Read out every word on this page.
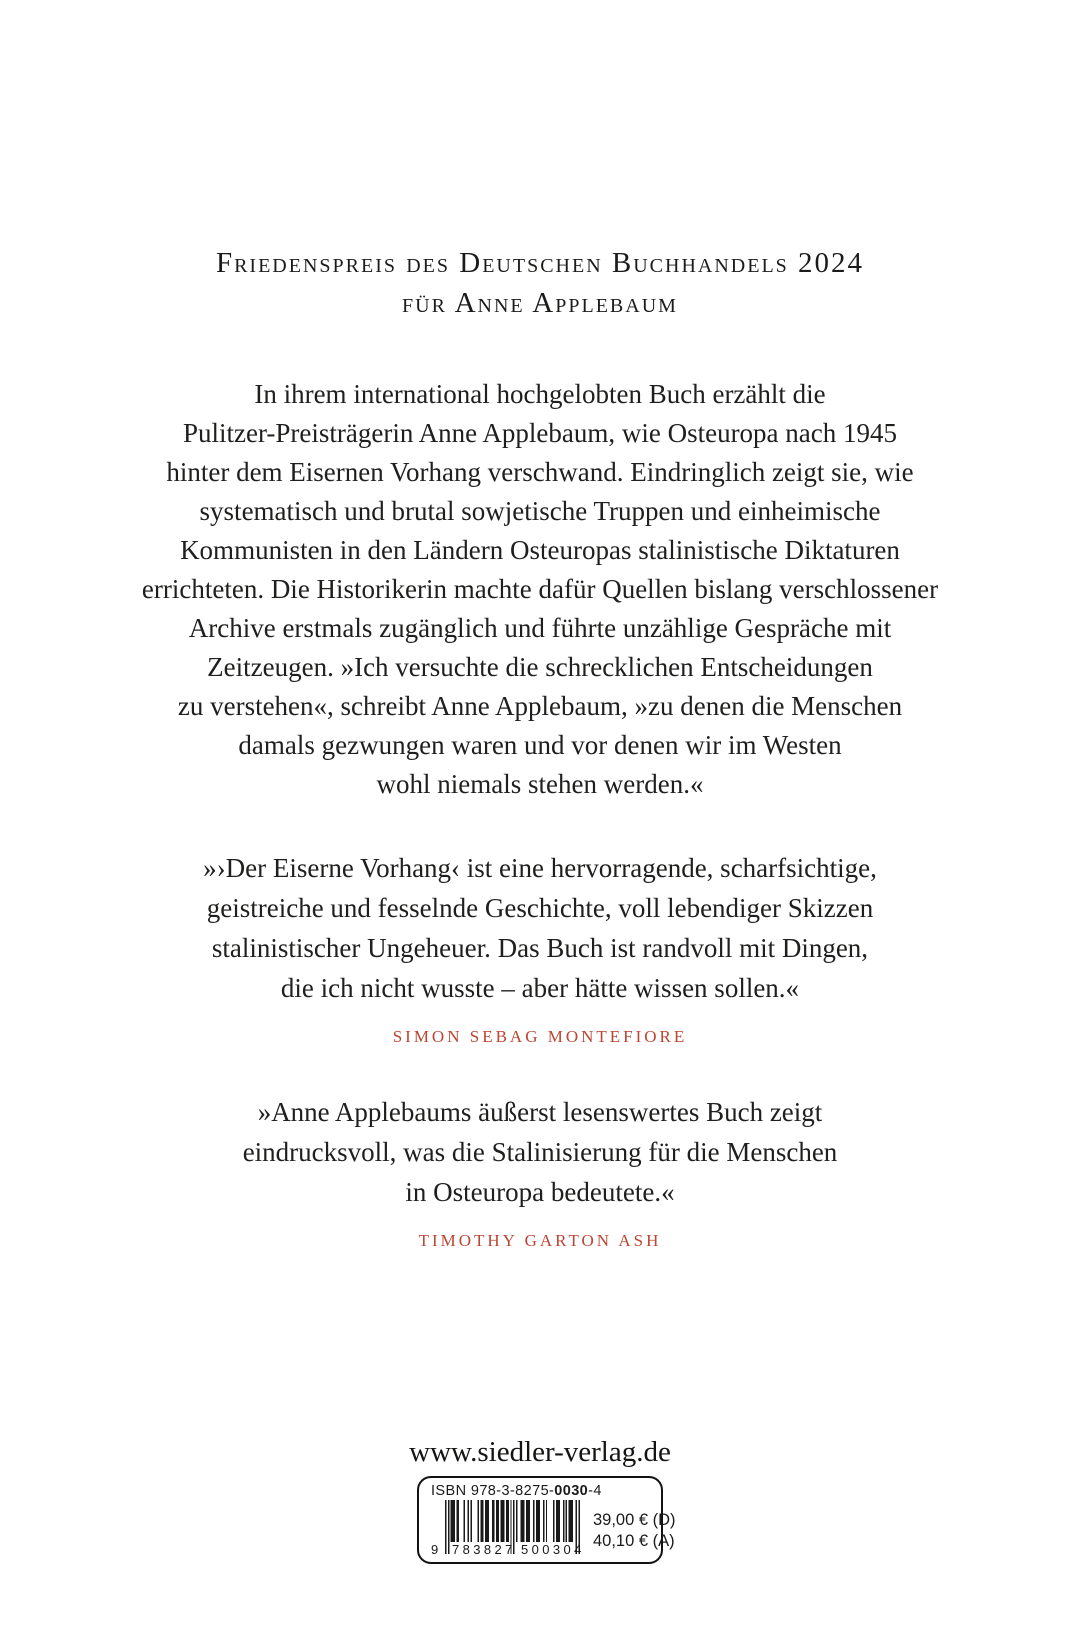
Friedenspreis des Deutschen Buchhandels 2024
für Anne Applebaum
In ihrem international hochgelobten Buch erzählt die
Pulitzer-Preisträgerin Anne Applebaum, wie Osteuropa nach 1945
hinter dem Eisernen Vorhang verschwand. Eindringlich zeigt sie, wie
systematisch und brutal sowjetische Truppen und einheimische
Kommunisten in den Ländern Osteuropas stalinistische Diktaturen
errichteten. Die Historikerin machte dafür Quellen bislang verschlossener
Archive erstmals zugänglich und führte unzählige Gespräche mit
Zeitzeugen. »Ich versuchte die schrecklichen Entscheidungen
zu verstehen«, schreibt Anne Applebaum, »zu denen die Menschen
damals gezwungen waren und vor denen wir im Westen
wohl niemals stehen werden.«
»›Der Eiserne Vorhang‹ ist eine hervorragende, scharfsichtige,
geistreiche und fesselnde Geschichte, voll lebendiger Skizzen
stalinistischer Ungeheuer. Das Buch ist randvoll mit Dingen,
die ich nicht wusste – aber hätte wissen sollen.«
SIMON SEBAG MONTEFIORE
»Anne Applebaums äußerst lesenswertes Buch zeigt
eindrucksvoll, was die Stalinisierung für die Menschen
in Osteuropa bedeutete.«
TIMOTHY GARTON ASH
www.siedler-verlag.de
ISBN 978-3-8275-0030-4
9 783827 500304
39,00 € (D)
40,10 € (A)
